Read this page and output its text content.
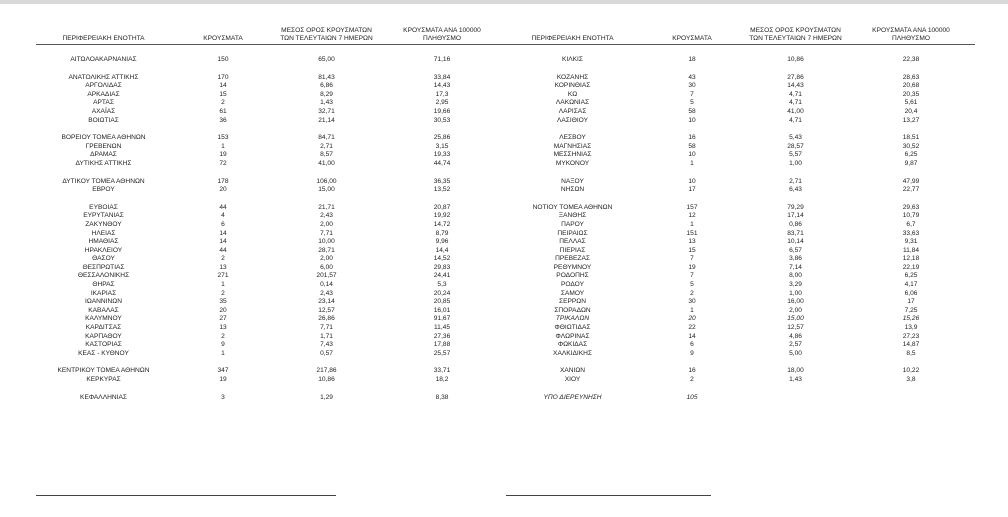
ΠΕΡΙΦΕΡΕΙΑΚΗ ΕΝΟΤΗΤΑ	ΚΡΟΥΣΜΑΤΑ
ΜΕΣΟΣ ΟΡΟΣ ΚΡΟΥΣΜΑΤΩΝ
ΤΩΝ ΤΕΛΕΥΤΑΙΩΝ 7 ΗΜΕΡΩΝ
ΚΡΟΥΣΜΑΤΑ ΑΝΑ 100000
ΠΛΗΘΥΣΜΟ
ΑΙΤΩΛΟΑΚΑΡΝΑΝΙΑΣ	150	65,00	71,16
ΑΝΑΤΟΛΙΚΗΣ ΑΤΤΙΚΗΣ	170	81,43	33,84
ΑΡΓΟΛΙΔΑΣ	14	6,86	14,43
ΑΡΚΑΔΙΑΣ	15	8,29	17,3
ΑΡΤΑΣ	2	1,43	2,95
ΑΧΑΪΑΣ	61	32,71	19,66
ΒΟΙΩΤΙΑΣ	36	21,14	30,53
ΒΟΡΕΙΟΥ ΤΟΜΕΑ ΑΘΗΝΩΝ	153	84,71	25,86
ΓΡΕΒΕΝΩΝ	1	2,71	3,15
ΔΡΑΜΑΣ	19	8,57	19,33
ΔΥΤΙΚΗΣ ΑΤΤΙΚΗΣ	72	41,00	44,74
ΔΥΤΙΚΟΥ ΤΟΜΕΑ ΑΘΗΝΩΝ	178	106,00	36,35
ΕΒΡΟΥ	20	15,00	13,52
ΕΥΒΟΙΑΣ	44	21,71	20,87
ΕΥΡΥΤΑΝΙΑΣ	4	2,43	19,92
ΖΑΚΥΝΘΟΥ	6	2,00	14,72
ΗΛΕΙΑΣ	14	7,71	8,79
ΗΜΑΘΙΑΣ	14	10,00	9,96
ΗΡΑΚΛΕΙΟΥ	44	28,71	14,4
ΘΑΣΟΥ	2	2,00	14,52
ΘΕΣΠΡΩΤΙΑΣ	13	6,00	29,83
ΘΕΣΣΑΛΟΝΙΚΗΣ	271	201,57	24,41
ΘΗΡΑΣ	1	0,14	5,3
ΙΚΑΡΙΑΣ	2	2,43	20,24
ΙΩΑΝΝΙΝΩΝ	35	23,14	20,85
ΚΑΒΑΛΑΣ	20	12,57	16,01
ΚΑΛΥΜΝΟΥ	27	26,86	91,67
ΚΑΡΔΙΤΣΑΣ	13	7,71	11,45
ΚΑΡΠΑΘΟΥ	2	1,71	27,36
ΚΑΣΤΟΡΙΑΣ	9	7,43	17,88
ΚΕΑΣ - ΚΥΘΝΟΥ	1	0,57	25,57
ΚΕΝΤΡΙΚΟΥ ΤΟΜΕΑ ΑΘΗΝΩΝ	347	217,86	33,71
ΚΕΡΚΥΡΑΣ	19	10,86	18,2
ΚΕΦΑΛΛΗΝΙΑΣ	3	1,29	8,38
ΠΕΡΙΦΕΡΕΙΑΚΗ ΕΝΟΤΗΤΑ	ΚΡΟΥΣΜΑΤΑ
ΜΕΣΟΣ ΟΡΟΣ ΚΡΟΥΣΜΑΤΩΝ
ΤΩΝ ΤΕΛΕΥΤΑΙΩΝ 7 ΗΜΕΡΩΝ
ΚΡΟΥΣΜΑΤΑ ΑΝΑ 100000
ΠΛΗΘΥΣΜΟ
ΚΙΛΚΙΣ	18	10,86	22,38
ΚΟΖΑΝΗΣ	43	27,86	28,63
ΚΟΡΙΝΘΙΑΣ	30	14,43	20,68
ΚΩ	7	4,71	20,35
ΛΑΚΩΝΙΑΣ	5	4,71	5,61
ΛΑΡΙΣΑΣ	58	41,00	20,4
ΛΑΣΙΘΙΟΥ	10	4,71	13,27
ΛΕΣΒΟΥ	16	5,43	18,51
ΜΑΓΝΗΣΙΑΣ	58	28,57	30,52
ΜΕΣΣΗΝΙΑΣ	10	5,57	6,25
ΜΥΚΟΝΟΥ	1	1,00	9,87
ΝΑΞΟΥ	10	2,71	47,99
ΝΗΣΩΝ	17	6,43	22,77
ΝΟΤΙΟΥ ΤΟΜΕΑ ΑΘΗΝΩΝ	157	79,29	29,63
ΞΑΝΘΗΣ	12	17,14	10,79
ΠΑΡΟΥ	1	0,86	6,7
ΠΕΙΡΑΙΩΣ	151	83,71	33,63
ΠΕΛΛΑΣ	13	10,14	9,31
ΠΙΕΡΙΑΣ	15	6,57	11,84
ΠΡΕΒΕΖΑΣ	7	3,86	12,18
ΡΕΘΥΜΝΟΥ	19	7,14	22,19
ΡΟΔΟΠΗΣ	7	8,00	6,25
ΡΟΔΟΥ	5	3,29	4,17
ΣΑΜΟΥ	2	1,00	6,06
ΣΕΡΡΩΝ	30	16,00	17
ΣΠΟΡΑΔΩΝ	1	2,00	7,25
ΤΡΙΚΑΛΩΝ	20	15,00	15,26
ΦΘΙΩΤΙΔΑΣ	22	12,57	13,9
ΦΛΩΡΙΝΑΣ	14	4,86	27,23
ΦΩΚΙΔΑΣ	6	2,57	14,87
ΧΑΛΚΙΔΙΚΗΣ	9	5,00	8,5
ΧΑΝΙΩΝ	16	18,00	10,22
ΧΙΟΥ	2	1,43	3,8
ΥΠΟ ΔΙΕΡΕΥΝΗΣΗ	105
